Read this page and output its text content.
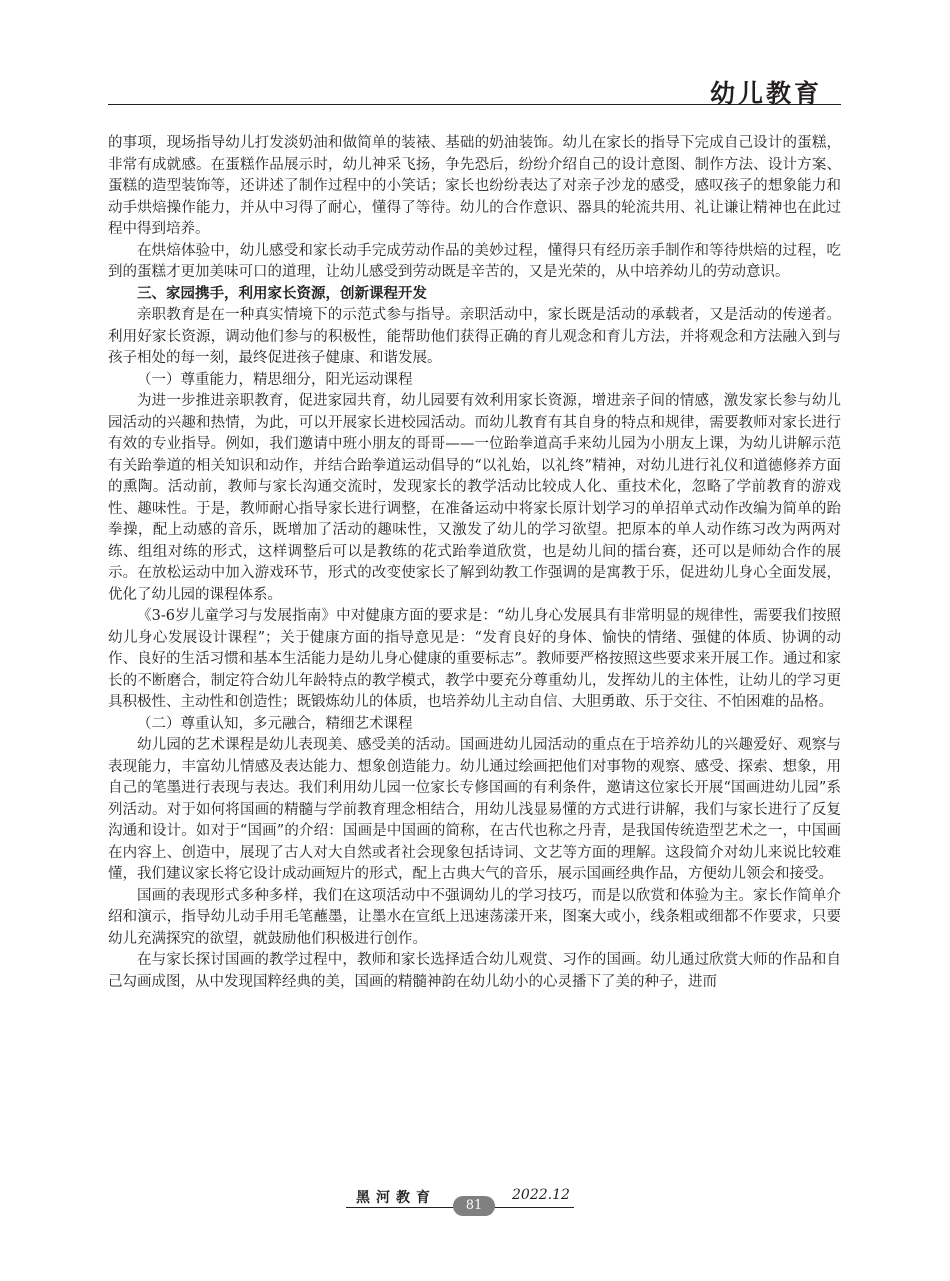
幼儿教育

的事项，现场指导幼儿打发淡奶油和做简单的装裱、基础的奶油装饰。幼儿在家长的指导下完成自己设计的蛋糕，非常有成就感。在蛋糕作品展示时，幼儿神采飞扬，争先恐后，纷纷介绍自己的设计意图、制作方法、设计方案、蛋糕的造型装饰等，还讲述了制作过程中的小笑话；家长也纷纷表达了对亲子沙龙的感受，感叹孩子的想象能力和动手烘焙操作能力，并从中习得了耐心，懂得了等待。幼儿的合作意识、器具的轮流共用、礼让谦让精神也在此过程中得到培养。

在烘焙体验中，幼儿感受和家长动手完成劳动作品的美妙过程，懂得只有经历亲手制作和等待烘焙的过程，吃到的蛋糕才更加美味可口的道理，让幼儿感受到劳动既是辛苦的，又是光荣的，从中培养幼儿的劳动意识。

三、家园携手，利用家长资源，创新课程开发

亲职教育是在一种真实情境下的示范式参与指导。亲职活动中，家长既是活动的承载者，又是活动的传递者。利用好家长资源，调动他们参与的积极性，能帮助他们获得正确的育儿观念和育儿方法，并将观念和方法融入到与孩子相处的每一刻，最终促进孩子健康、和谐发展。

（一）尊重能力，精思细分，阳光运动课程

为进一步推进亲职教育，促进家园共育，幼儿园要有效利用家长资源，增进亲子间的情感，激发家长参与幼儿园活动的兴趣和热情，为此，可以开展家长进校园活动。而幼儿教育有其自身的特点和规律，需要教师对家长进行有效的专业指导。例如，我们邀请中班小朋友的哥哥——一位跆拳道高手来幼儿园为小朋友上课，为幼儿讲解示范有关跆拳道的相关知识和动作，并结合跆拳道运动倡导的“以礼始，以礼终”精神，对幼儿进行礼仪和道德修养方面的熏陶。活动前，教师与家长沟通交流时，发现家长的教学活动比较成人化、重技术化，忽略了学前教育的游戏性、趣味性。于是，教师耐心指导家长进行调整，在准备运动中将家长原计划学习的单招单式动作改编为简单的跆拳操，配上动感的音乐，既增加了活动的趣味性，又激发了幼儿的学习欲望。把原本的单人动作练习改为两两对练、组组对练的形式，这样调整后可以是教练的花式跆拳道欣赏，也是幼儿间的擂台赛，还可以是师幼合作的展示。在放松运动中加入游戏环节，形式的改变使家长了解到幼教工作强调的是寓教于乐，促进幼儿身心全面发展，优化了幼儿园的课程体系。

《3-6岁儿童学习与发展指南》中对健康方面的要求是：“幼儿身心发展具有非常明显的规律性，需要我们按照幼儿身心发展设计课程”；关于健康方面的指导意见是：“发育良好的身体、愉快的情绪、强健的体质、协调的动作、良好的生活习惯和基本生活能力是幼儿身心健康的重要标志”。教师要严格按照这些要求来开展工作。通过和家长的不断磨合，制定符合幼儿年龄特点的教学模式，教学中要充分尊重幼儿，发挥幼儿的主体性，让幼儿的学习更具积极性、主动性和创造性；既锻炼幼儿的体质，也培养幼儿主动自信、大胆勇敢、乐于交往、不怕困难的品格。

（二）尊重认知，多元融合，精细艺术课程

幼儿园的艺术课程是幼儿表现美、感受美的活动。国画进幼儿园活动的重点在于培养幼儿的兴趣爱好、观察与表现能力，丰富幼儿情感及表达能力、想象创造能力。幼儿通过绘画把他们对事物的观察、感受、探索、想象，用自己的笔墨进行表现与表达。我们利用幼儿园一位家长专修国画的有利条件，邀请这位家长开展“国画进幼儿园”系列活动。对于如何将国画的精髓与学前教育理念相结合，用幼儿浅显易懂的方式进行讲解，我们与家长进行了反复沟通和设计。如对于“国画”的介绍：国画是中国画的简称，在古代也称之丹青，是我国传统造型艺术之一，中国画在内容上、创造中，展现了古人对大自然或者社会现象包括诗词、文艺等方面的理解。这段简介对幼儿来说比较难懂，我们建议家长将它设计成动画短片的形式，配上古典大气的音乐，展示国画经典作品，方便幼儿领会和接受。

国画的表现形式多种多样，我们在这项活动中不强调幼儿的学习技巧，而是以欣赏和体验为主。家长作简单介绍和演示，指导幼儿动手用毛笔蘸墨，让墨水在宣纸上迅速荡漾开来，图案大或小，线条粗或细都不作要求，只要幼儿充满探究的欲望，就鼓励他们积极进行创作。

在与家长探讨国画的教学过程中，教师和家长选择适合幼儿观赏、习作的国画。幼儿通过欣赏大师的作品和自己勾画成图，从中发现国粹经典的美，国画的精髓神韵在幼儿幼小的心灵播下了美的种子，进而

黑河教育	2022.12
81
